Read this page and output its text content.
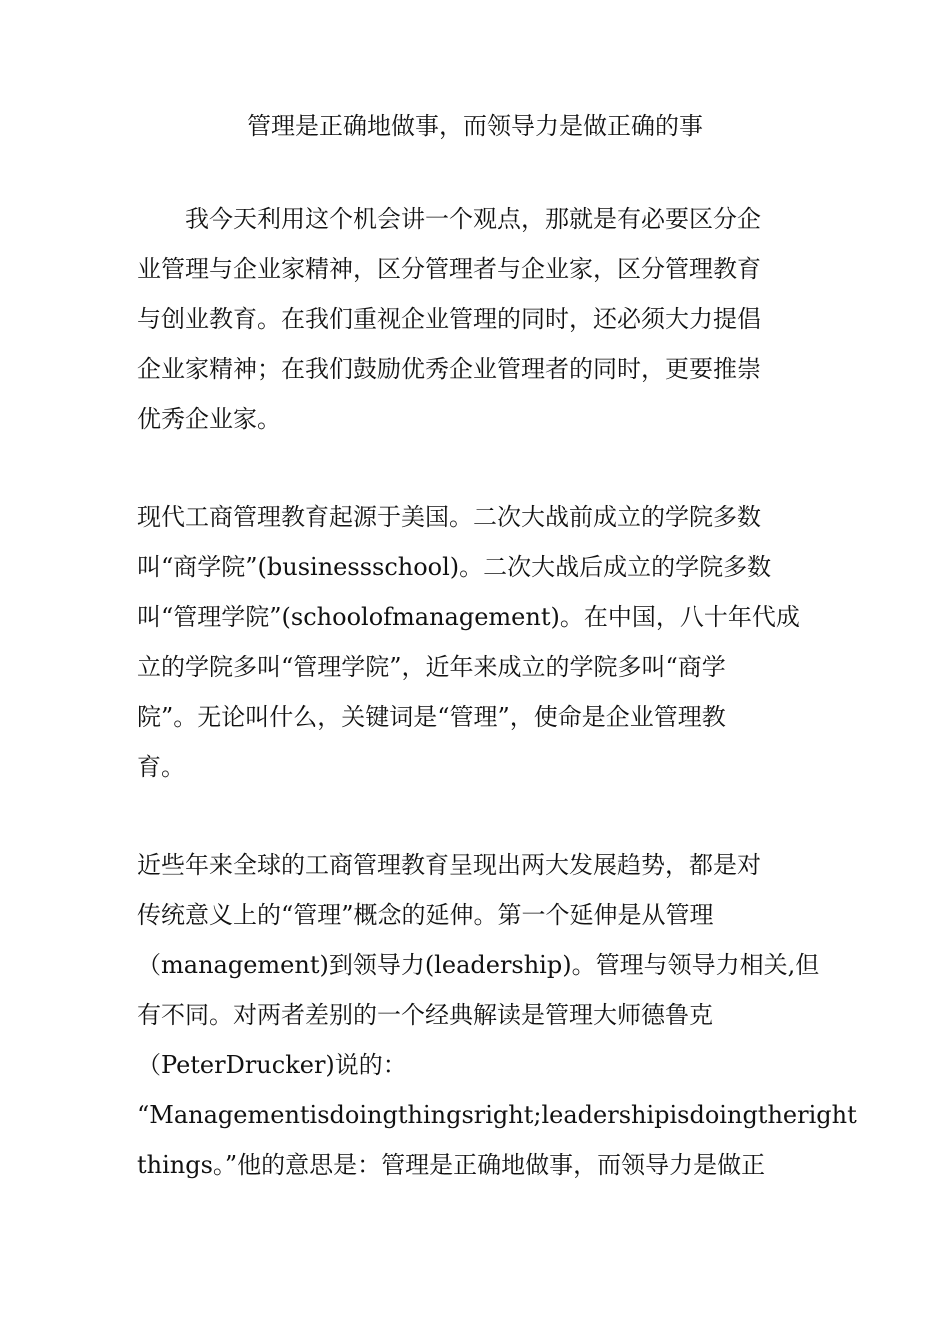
管理是正确地做事，而领导力是做正确的事
我今天利用这个机会讲一个观点，那就是有必要区分企
业管理与企业家精神，区分管理者与企业家，区分管理教育
与创业教育。在我们重视企业管理的同时，还必须大力提倡
企业家精神；在我们鼓励优秀企业管理者的同时，更要推崇
优秀企业家。
现代工商管理教育起源于美国。二次大战前成立的学院多数
叫“商学院”(businessschool)。二次大战后成立的学院多数
叫“管理学院”(schoolofmanagement)。在中国，八十年代成
立的学院多叫“管理学院”，近年来成立的学院多叫“商学
院”。无论叫什么，关键词是“管理”，使命是企业管理教
育。
近些年来全球的工商管理教育呈现出两大发展趋势，都是对
传统意义上的“管理”概念的延伸。第一个延伸是从管理
（management)到领导力(leadership)。管理与领导力相关,但
有不同。对两者差别的一个经典解读是管理大师德鲁克
（PeterDrucker)说的：
“Managementisdoingthingsright;leadershipisdoingtheright
things。”他的意思是：管理是正确地做事，而领导力是做正
